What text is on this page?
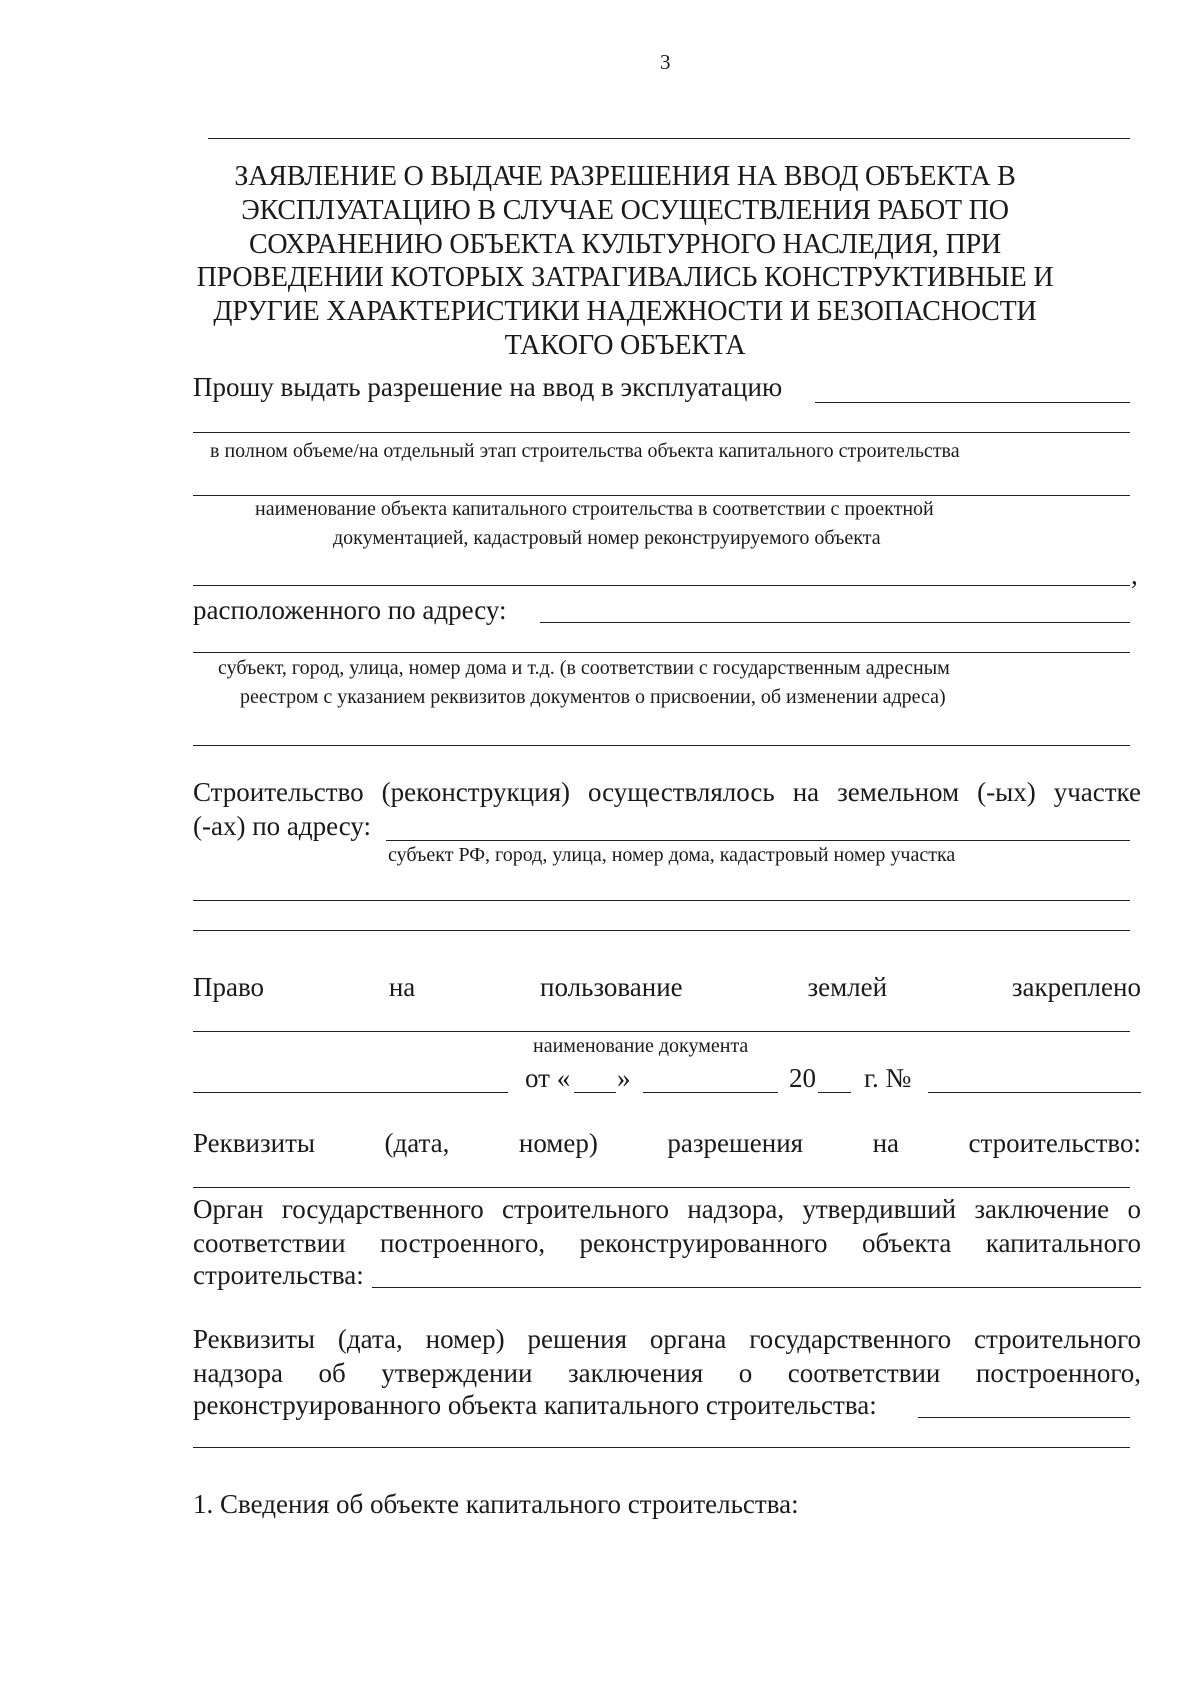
3
ЗАЯВЛЕНИЕ О ВЫДАЧЕ РАЗРЕШЕНИЯ НА ВВОД ОБЪЕКТА В
ЭКСПЛУАТАЦИЮ В СЛУЧАЕ ОСУЩЕСТВЛЕНИЯ РАБОТ ПО
СОХРАНЕНИЮ ОБЪЕКТА КУЛЬТУРНОГО НАСЛЕДИЯ, ПРИ
ПРОВЕДЕНИИ КОТОРЫХ ЗАТРАГИВАЛИСЬ КОНСТРУКТИВНЫЕ И
ДРУГИЕ ХАРАКТЕРИСТИКИ НАДЕЖНОСТИ И БЕЗОПАСНОСТИ
ТАКОГО ОБЪЕКТА
Прошу выдать разрешение на ввод в эксплуатацию
в полном объеме/на отдельный этап строительства объекта капитального строительства
наименование объекта капитального строительства в соответствии с проектной
документацией, кадастровый номер реконструируемого объекта
,
расположенного по адресу:
субъект, город, улица, номер дома и т.д. (в соответствии с государственным адресным
реестром с указанием реквизитов документов о присвоении, об изменении адреса)
Строительство (реконструкция) осуществлялось на земельном (-ых) участке
(-ах) по адресу:
субъект РФ, город, улица, номер дома, кадастровый номер участка
Право	на	пользование	землей	закреплено
наименование документа
от « »	20 г. №
Реквизиты	(дата,	номер)	разрешения	на	строительство:
Орган государственного строительного надзора, утвердивший заключение о
соответствии построенного, реконструированного объекта капитального
строительства:
Реквизиты (дата, номер) решения органа государственного строительного
надзора об утверждении заключения о соответствии построенного,
реконструированного объекта капитального строительства:
1. Сведения об объекте капитального строительства:
